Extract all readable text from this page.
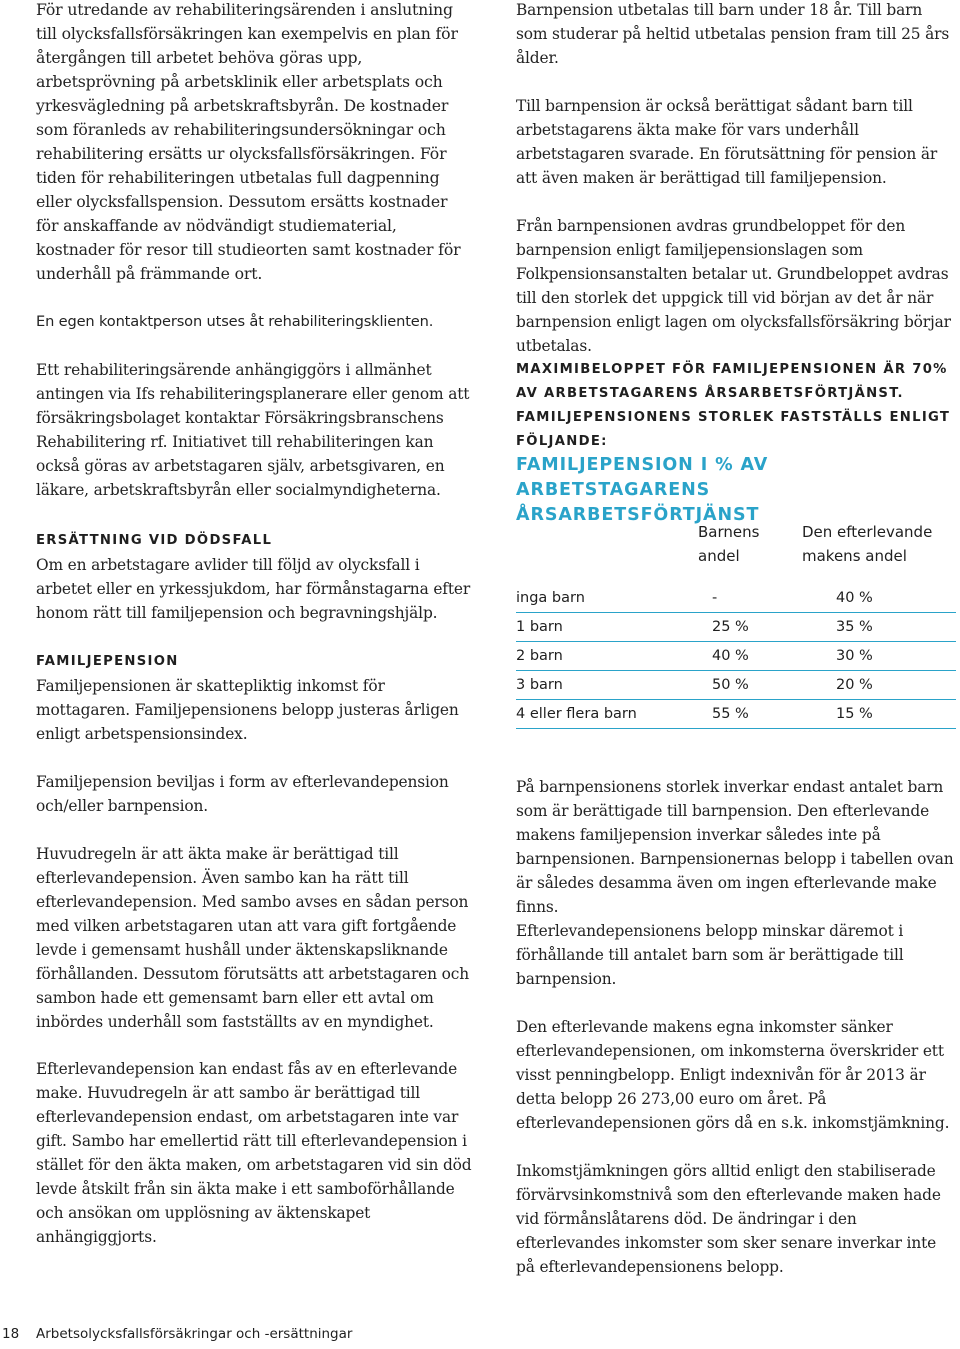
För utredande av rehabiliteringsärenden i anslutning till olycksfallsförsäkringen kan exempelvis en plan för återgången till arbetet behöva göras upp, arbetsprövning på arbetsklinik eller arbetsplats och yrkesvägledning på arbetskraftsbyrån. De kostnader som föranleds av rehabiliteringsundersökningar och rehabilitering ersätts ur olycksfallsförsäkringen. För tiden för rehabiliteringen utbetalas full dagpenning eller olycksfallspension. Dessutom ersätts kostnader för anskaffande av nödvändigt studiematerial, kostnader för resor till studieorten samt kostnader för underhåll på främmande ort.

En egen kontaktperson utses åt rehabiliteringsklienten.

Ett rehabiliteringsärende anhängiggörs i allmänhet antingen via Ifs rehabiliteringsplanerare eller genom att försäkringsbolaget kontaktar Försäkringsbranschens Rehabilitering rf. Initiativet till rehabiliteringen kan också göras av arbetstagaren själv, arbetsgivaren, en läkare, arbetskraftsbyrån eller socialmyndigheterna.

ERSÄTTNING VID DÖDSFALL

Om en arbetstagare avlider till följd av olycksfall i arbetet eller en yrkessjukdom, har förmånstagarna efter honom rätt till familjepension och begravningshjälp.

FAMILJEPENSION

Familjepensionen är skattepliktig inkomst för mottagaren. Familjepensionens belopp justeras årligen enligt arbetspensionsindex.

Familjepension beviljas i form av efterlevandepension och/eller barnpension.

Huvudregeln är att äkta make är berättigad till efterlevandepension. Även sambo kan ha rätt till efterlevandepension. Med sambo avses en sådan person med vilken arbetstagaren utan att vara gift fortgående levde i gemensamt hushåll under äktenskapsliknande förhållanden. Dessutom förutsätts att arbetstagaren och sambon hade ett gemensamt barn eller ett avtal om inbördes underhåll som fastställts av en myndighet.

Efterlevandepension kan endast fås av en efterlevande make. Huvudregeln är att sambo är berättigad till efterlevandepension endast, om arbetstagaren inte var gift. Sambo har emellertid rätt till efterlevandepension i stället för den äkta maken, om arbetstagaren vid sin död levde åtskilt från sin äkta make i ett samboförhållande och ansökan om upplösning av äktenskapet anhängiggjorts.

Barnpension utbetalas till barn under 18 år. Till barn som studerar på heltid utbetalas pension fram till 25 års ålder.

Till barnpension är också berättigat sådant barn till arbetstagarens äkta make för vars underhåll arbetstagaren svarade. En förutsättning för pension är att även maken är berättigad till familjepension.

Från barnpensionen avdras grundbeloppet för den barnpension enligt familjepensionslagen som Folkpensionsanstalten betalar ut. Grundbeloppet avdras till den storlek det uppgick till vid början av det år när barnpension enligt lagen om olycksfallsförsäkring börjar utbetalas.

MAXIMIBELOPPET FÖR FAMILJEPENSIONEN ÄR 70% AV ARBETSTAGARENS ÅRSARBETSFÖRTJÄNST. FAMILJEPENSIONENS STORLEK FASTSTÄLLS ENLIGT FÖLJANDE:
FAMILJEPENSION I % AV ARBETSTAGARENS ÅRSARBETSFÖRTJÄNST
	Barnens andel	Den efterlevande makens andel
inga barn	-	40 %
1 barn	25 %	35 %
2 barn	40 %	30 %
3 barn	50 %	20 %
4 eller flera barn	55 %	15 %

På barnpensionens storlek inverkar endast antalet barn som är berättigade till barnpension. Den efterlevande makens familjepension inverkar således inte på barnpensionen. Barnpensionernas belopp i tabellen ovan är således desamma även om ingen efterlevande make finns.

Efterlevandepensionens belopp minskar däremot i förhållande till antalet barn som är berättigade till barnpension.

Den efterlevande makens egna inkomster sänker efterlevandepensionen, om inkomsterna överskrider ett visst penningbelopp. Enligt indexnivån för år 2013 är detta belopp 26 273,00 euro om året. På efterlevandepensionen görs då en s.k. inkomstjämkning.

Inkomstjämkningen görs alltid enligt den stabiliserade förvärvsinkomstnivå som den efterlevande maken hade vid förmånslåtarens död. De ändringar i den efterlevandes inkomster som sker senare inverkar inte på efterlevandepensionens belopp.

18 Arbetsolycksfallsförsäkringar och -ersättningar
